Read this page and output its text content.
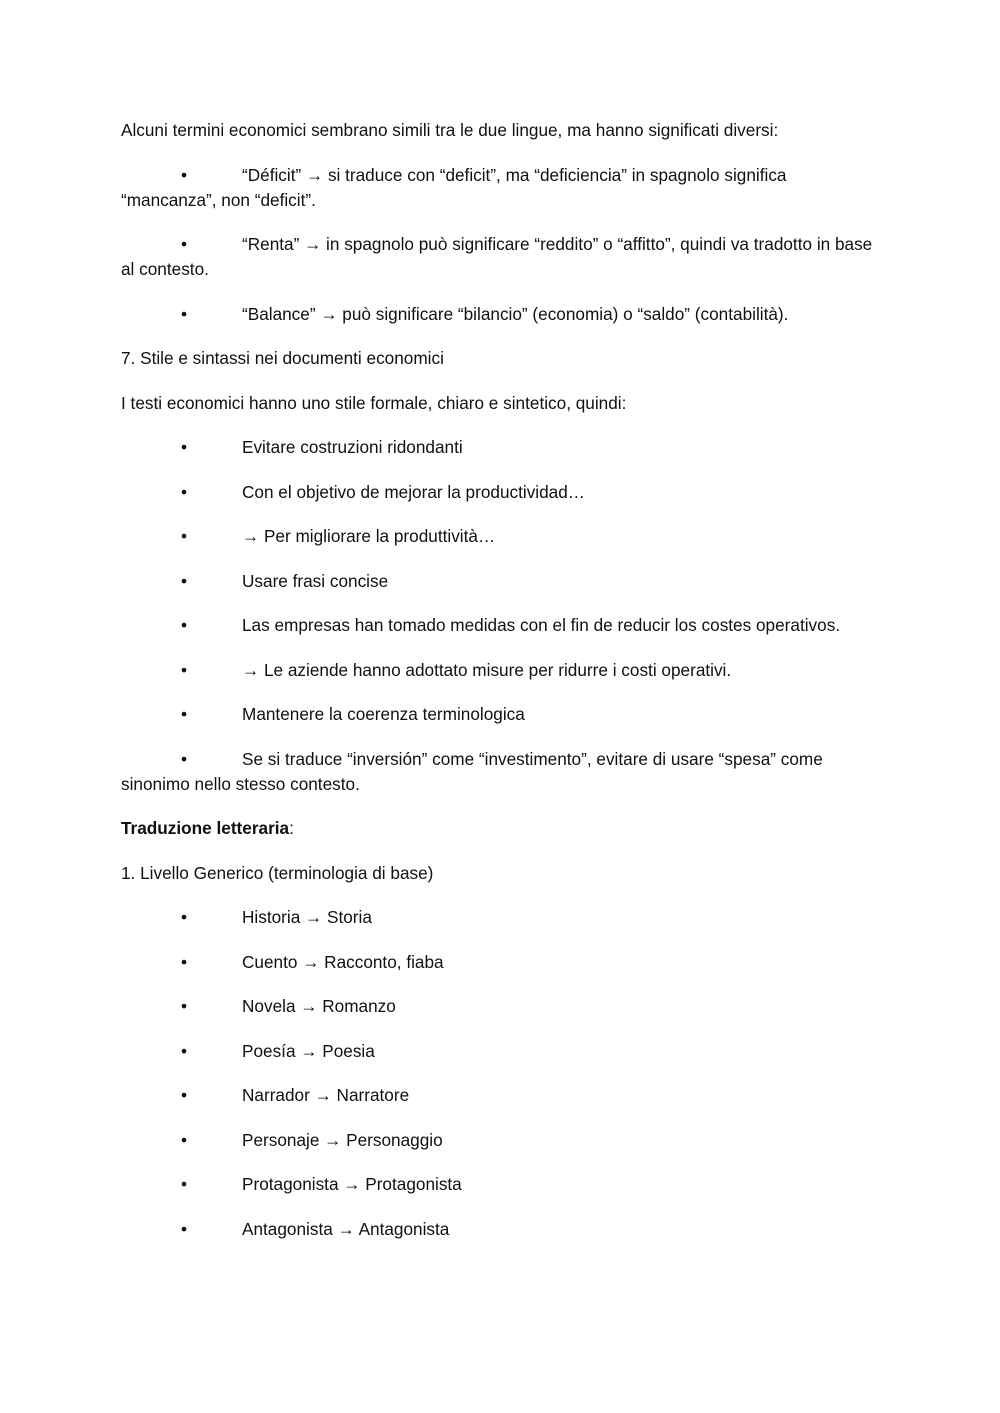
Alcuni termini economici sembrano simili tra le due lingue, ma hanno significati diversi:

•	“Déficit” → si traduce con “deficit”, ma “deficiencia” in spagnolo significa “mancanza”, non “deficit”.
•	“Renta” → in spagnolo può significare “reddito” o “affitto”, quindi va tradotto in base al contesto.
•	“Balance” → può significare “bilancio” (economia) o “saldo” (contabilità).

7. Stile e sintassi nei documenti economici

I testi economici hanno uno stile formale, chiaro e sintetico, quindi:

•	Evitare costruzioni ridondanti
•	Con el objetivo de mejorar la productividad…
•	→ Per migliorare la produttività…
•	Usare frasi concise
•	Las empresas han tomado medidas con el fin de reducir los costes operativos.
•	→ Le aziende hanno adottato misure per ridurre i costi operativi.
•	Mantenere la coerenza terminologica
•	Se si traduce “inversión” come “investimento”, evitare di usare “spesa” come sinonimo nello stesso contesto.

Traduzione letteraria:

1. Livello Generico (terminologia di base)

•	Historia → Storia
•	Cuento → Racconto, fiaba
•	Novela → Romanzo
•	Poesía → Poesia
•	Narrador → Narratore
•	Personaje → Personaggio
•	Protagonista → Protagonista
•	Antagonista → Antagonista
